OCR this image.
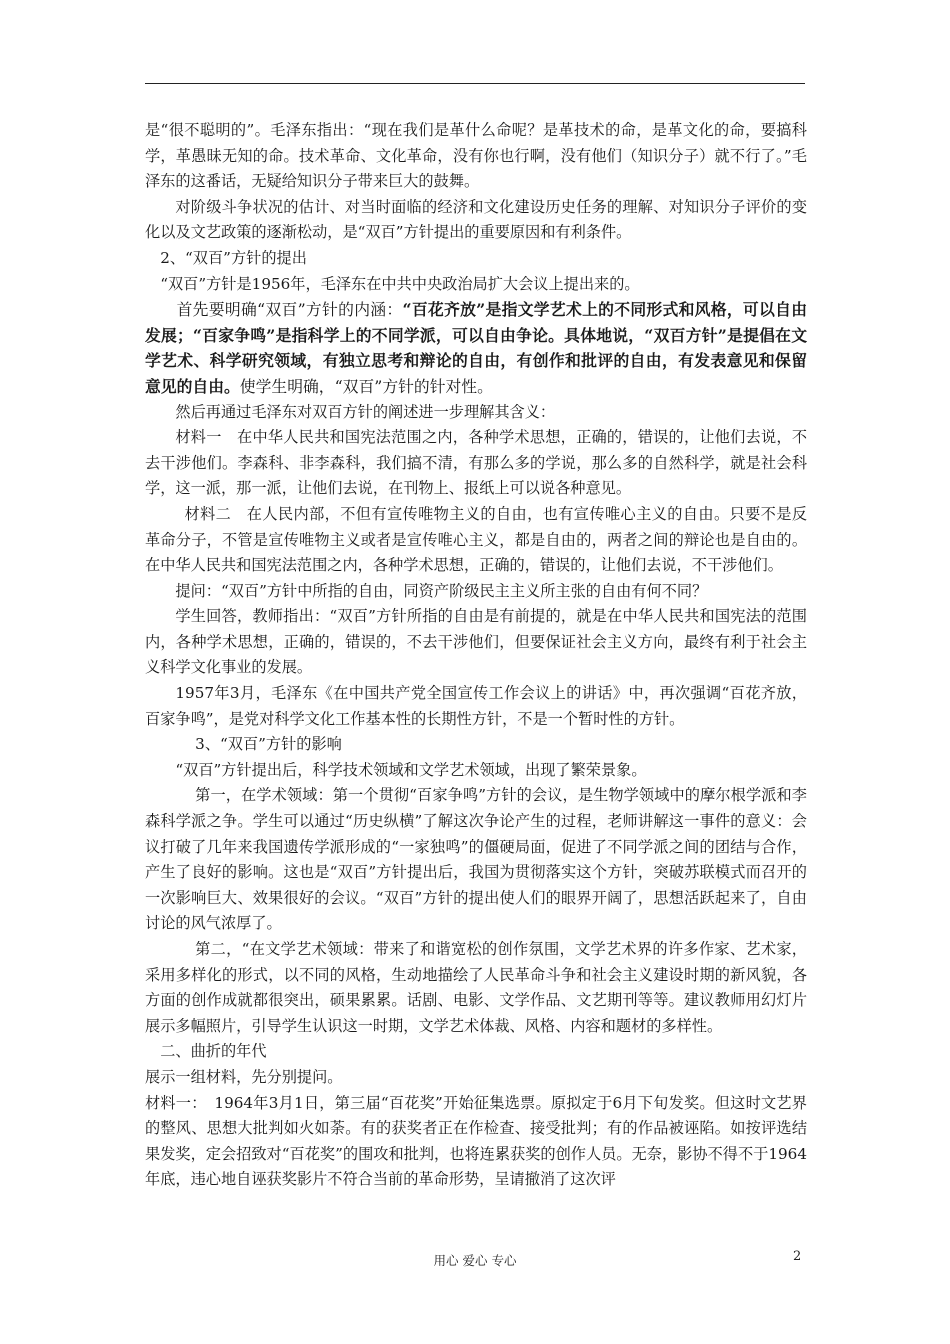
是“很不聪明的”。毛泽东指出：“现在我们是革什么命呢？是革技术的命，是革文化的命，要搞科学，革愚昧无知的命。技术革命、文化革命，没有你也行啊，没有他们（知识分子）就不行了。”毛泽东的这番话，无疑给知识分子带来巨大的鼓舞。

对阶级斗争状况的估计、对当时面临的经济和文化建设历史任务的理解、对知识分子评价的变化以及文艺政策的逐渐松动，是“双百”方针提出的重要原因和有利条件。

2、“双百”方针的提出

“双百”方针是1956年，毛泽东在中共中央政治局扩大会议上提出来的。

首先要明确“双百”方针的内涵：“百花齐放”是指文学艺术上的不同形式和风格，可以自由发展；“百家争鸣”是指科学上的不同学派，可以自由争论。具体地说，“双百方针”是提倡在文学艺术、科学研究领域，有独立思考和辩论的自由，有创作和批评的自由，有发表意见和保留意见的自由。使学生明确，“双百”方针的针对性。

然后再通过毛泽东对双百方针的阐述进一步理解其含义：

材料一　在中华人民共和国宪法范围之内，各种学术思想，正确的，错误的，让他们去说，不去干涉他们。李森科、非李森科，我们搞不清，有那么多的学说，那么多的自然科学，就是社会科学，这一派，那一派，让他们去说，在刊物上、报纸上可以说各种意见。

材料二　在人民内部，不但有宣传唯物主义的自由，也有宣传唯心主义的自由。只要不是反革命分子，不管是宣传唯物主义或者是宣传唯心主义，都是自由的，两者之间的辩论也是自由的。在中华人民共和国宪法范围之内，各种学术思想，正确的，错误的，让他们去说，不干涉他们。

提问：“双百”方针中所指的自由，同资产阶级民主主义所主张的自由有何不同？

学生回答，教师指出：“双百”方针所指的自由是有前提的，就是在中华人民共和国宪法的范围内，各种学术思想，正确的，错误的，不去干涉他们，但要保证社会主义方向，最终有利于社会主义科学文化事业的发展。

1957年3月，毛泽东《在中国共产党全国宣传工作会议上的讲话》中，再次强调“百花齐放，百家争鸣”，是党对科学文化工作基本性的长期性方针，不是一个暂时性的方针。

3、“双百”方针的影响

“双百”方针提出后，科学技术领域和文学艺术领域，出现了繁荣景象。

第一，在学术领域：第一个贯彻“百家争鸣”方针的会议，是生物学领域中的摩尔根学派和李森科学派之争。学生可以通过“历史纵横”了解这次争论产生的过程，老师讲解这一事件的意义：会议打破了几年来我国遗传学派形成的“一家独鸣”的僵硬局面，促进了不同学派之间的团结与合作，产生了良好的影响。这也是“双百”方针提出后，我国为贯彻落实这个方针，突破苏联模式而召开的一次影响巨大、效果很好的会议。“双百”方针的提出使人们的眼界开阔了，思想活跃起来了，自由讨论的风气浓厚了。

第二，“在文学艺术领域：带来了和谐宽松的创作氛围，文学艺术界的许多作家、艺术家，采用多样化的形式，以不同的风格，生动地描绘了人民革命斗争和社会主义建设时期的新风貌，各方面的创作成就都很突出，硕果累累。话剧、电影、文学作品、文艺期刊等等。建议教师用幻灯片展示多幅照片，引导学生认识这一时期，文学艺术体裁、风格、内容和题材的多样性。

二、曲折的年代

展示一组材料，先分别提问。

材料一：　1964年3月1日，第三届“百花奖”开始征集选票。原拟定于6月下旬发奖。但这时文艺界的整风、思想大批判如火如荼。有的获奖者正在作检查、接受批判；有的作品被诬陷。如按评选结果发奖，定会招致对“百花奖”的围攻和批判，也将连累获奖的创作人员。无奈，影协不得不于1964年底，违心地自诬获奖影片不符合当前的革命形势，呈请撤消了这次评

用心 爱心 专心	2
